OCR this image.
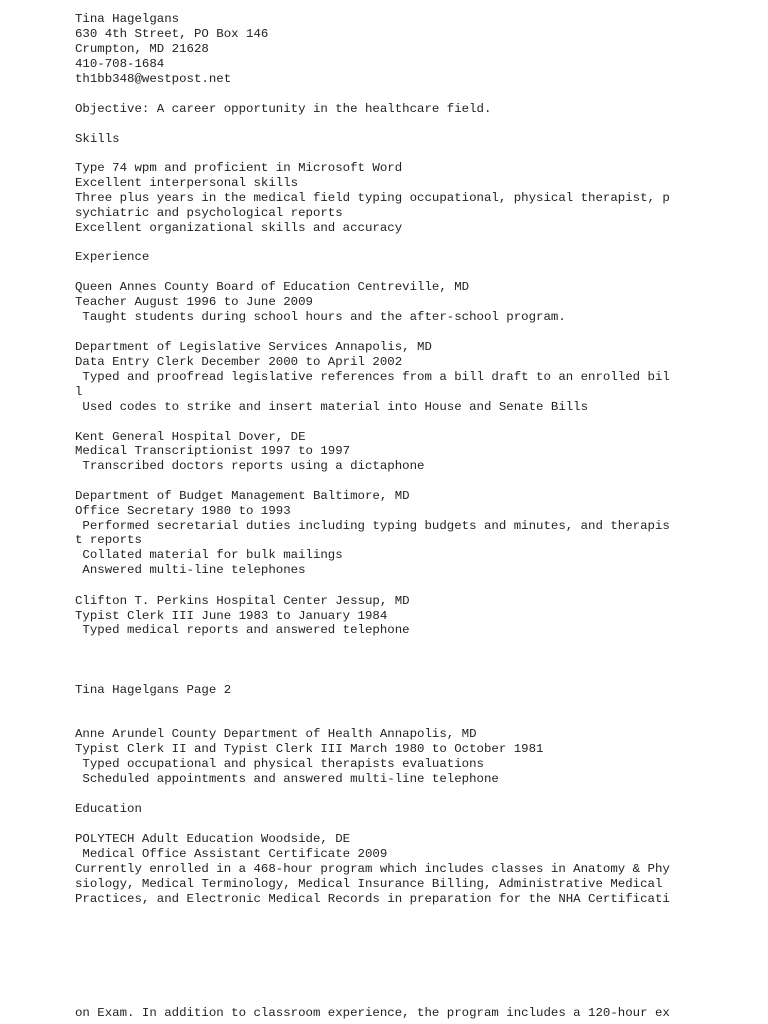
Tina Hagelgans

630 4th Street, PO Box 146

Crumpton, MD 21628

410-708-1684

th1bb348@westpost.net

Objective: A career opportunity in the healthcare field.

Skills

Type 74 wpm and proficient in Microsoft Word

Excellent interpersonal skills

Three plus years in the medical field typing occupational, physical therapist, p

sychiatric and psychological reports

Excellent organizational skills and accuracy

Experience

Queen Annes County Board of Education Centreville, MD

Teacher August 1996 to June 2009

Taught students during school hours and the after-school program.

Department of Legislative Services Annapolis, MD

Data Entry Clerk December 2000 to April 2002

Typed and proofread legislative references from a bill draft to an enrolled bil

l

Used codes to strike and insert material into House and Senate Bills

Kent General Hospital Dover, DE

Medical Transcriptionist 1997 to 1997

Transcribed doctors reports using a dictaphone

Department of Budget Management Baltimore, MD

Office Secretary 1980 to 1993

Performed secretarial duties including typing budgets and minutes, and therapis

t reports

Collated material for bulk mailings

Answered multi-line telephones

Clifton T. Perkins Hospital Center Jessup, MD

Typist Clerk III June 1983 to January 1984

Typed medical reports and answered telephone

Tina Hagelgans Page 2

Anne Arundel County Department of Health Annapolis, MD

Typist Clerk II and Typist Clerk III March 1980 to October 1981

Typed occupational and physical therapists evaluations

Scheduled appointments and answered multi-line telephone

Education

POLYTECH Adult Education Woodside, DE

Medical Office Assistant Certificate 2009

Currently enrolled in a 468-hour program which includes classes in Anatomy & Phy

siology, Medical Terminology, Medical Insurance Billing, Administrative Medical

Practices, and Electronic Medical Records in preparation for the NHA Certificati

on Exam. In addition to classroom experience, the program includes a 120-hour ex
